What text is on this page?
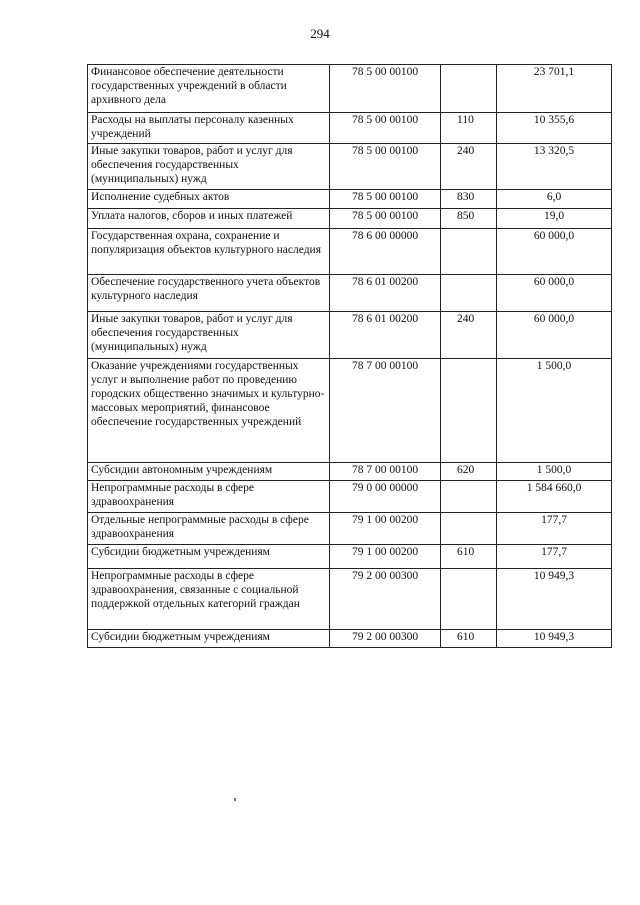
294
Финансовое обеспечение деятельности государственных учреждений в области архивного дела	78 5 00 00100		23 701,1
Расходы на выплаты персоналу казенных учреждений	78 5 00 00100	110	10 355,6
Иные закупки товаров, работ и услуг для обеспечения государственных (муниципальных) нужд	78 5 00 00100	240	13 320,5
Исполнение судебных актов	78 5 00 00100	830	6,0
Уплата налогов, сборов и иных платежей	78 5 00 00100	850	19,0
Государственная охрана, сохранение и популяризация объектов культурного наследия	78 6 00 00000		60 000,0
Обеспечение государственного учета объектов культурного наследия	78 6 01 00200		60 000,0
Иные закупки товаров, работ и услуг для обеспечения государственных (муниципальных) нужд	78 6 01 00200	240	60 000,0
Оказание учреждениями государственных услуг и выполнение работ по проведению городских общественно значимых и культурно-массовых мероприятий, финансовое обеспечение государственных учреждений	78 7 00 00100		1 500,0
Субсидии автономным учреждениям	78 7 00 00100	620	1 500,0
Непрограммные расходы в сфере здравоохранения	79 0 00 00000		1 584 660,0
Отдельные непрограммные расходы в сфере здравоохранения	79 1 00 00200		177,7
Субсидии бюджетным учреждениям	79 1 00 00200	610	177,7
Непрограммные расходы в сфере здравоохранения, связанные с социальной поддержкой отдельных категорий граждан	79 2 00 00300		10 949,3
Субсидии бюджетным учреждениям	79 2 00 00300	610	10 949,3
